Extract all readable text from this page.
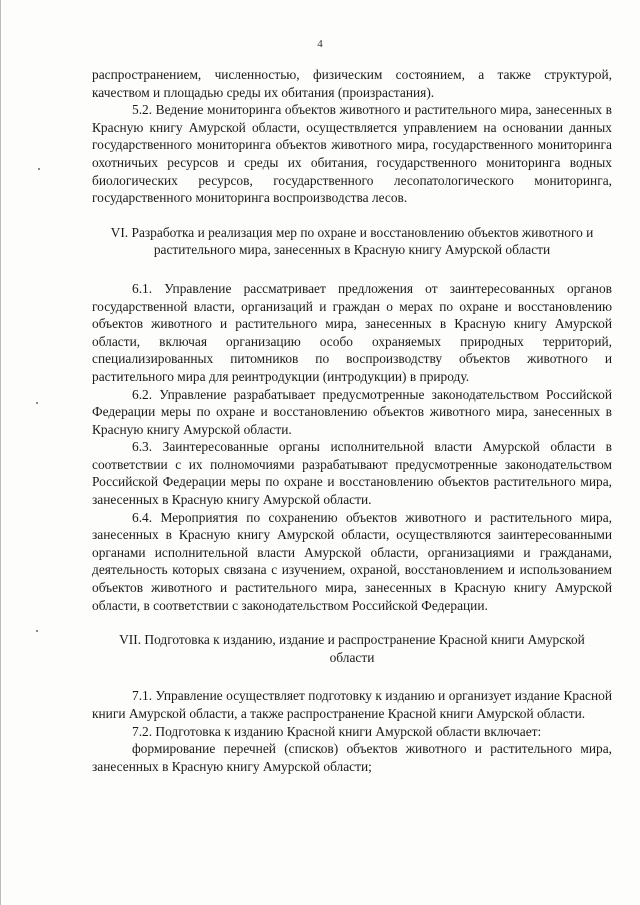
4

распространением, численностью, физическим состоянием, а также структурой, качеством и площадью среды их обитания (произрастания).

5.2. Ведение мониторинга объектов животного и растительного мира, занесенных в Красную книгу Амурской области, осуществляется управлением на основании данных государственного мониторинга объектов животного мира, государственного мониторинга охотничьих ресурсов и среды их обитания, государственного мониторинга водных биологических ресурсов, государственного лесопатологического мониторинга, государственного мониторинга воспроизводства лесов.

VI. Разработка и реализация мер по охране и восстановлению объектов животного и растительного мира, занесенных в Красную книгу Амурской области

6.1. Управление рассматривает предложения от заинтересованных органов государственной власти, организаций и граждан о мерах по охране и восстановлению объектов животного и растительного мира, занесенных в Красную книгу Амурской области, включая организацию особо охраняемых природных территорий, специализированных питомников по воспроизводству объектов животного и растительного мира для реинтродукции (интродукции) в природу.

6.2. Управление разрабатывает предусмотренные законодательством Российской Федерации меры по охране и восстановлению объектов животного мира, занесенных в Красную книгу Амурской области.

6.3. Заинтересованные органы исполнительной власти Амурской области в соответствии с их полномочиями разрабатывают предусмотренные законодательством Российской Федерации меры по охране и восстановлению объектов растительного мира, занесенных в Красную книгу Амурской области.

6.4. Мероприятия по сохранению объектов животного и растительного мира, занесенных в Красную книгу Амурской области, осуществляются заинтересованными органами исполнительной власти Амурской области, организациями и гражданами, деятельность которых связана с изучением, охраной, восстановлением и использованием объектов животного и растительного мира, занесенных в Красную книгу Амурской области, в соответствии с законодательством Российской Федерации.

VII. Подготовка к изданию, издание и распространение Красной книги Амурской области

7.1. Управление осуществляет подготовку к изданию и организует издание Красной книги Амурской области, а также распространение Красной книги Амурской области.

7.2. Подготовка к изданию Красной книги Амурской области включает:

формирование перечней (списков) объектов животного и растительного мира, занесенных в Красную книгу Амурской области;
